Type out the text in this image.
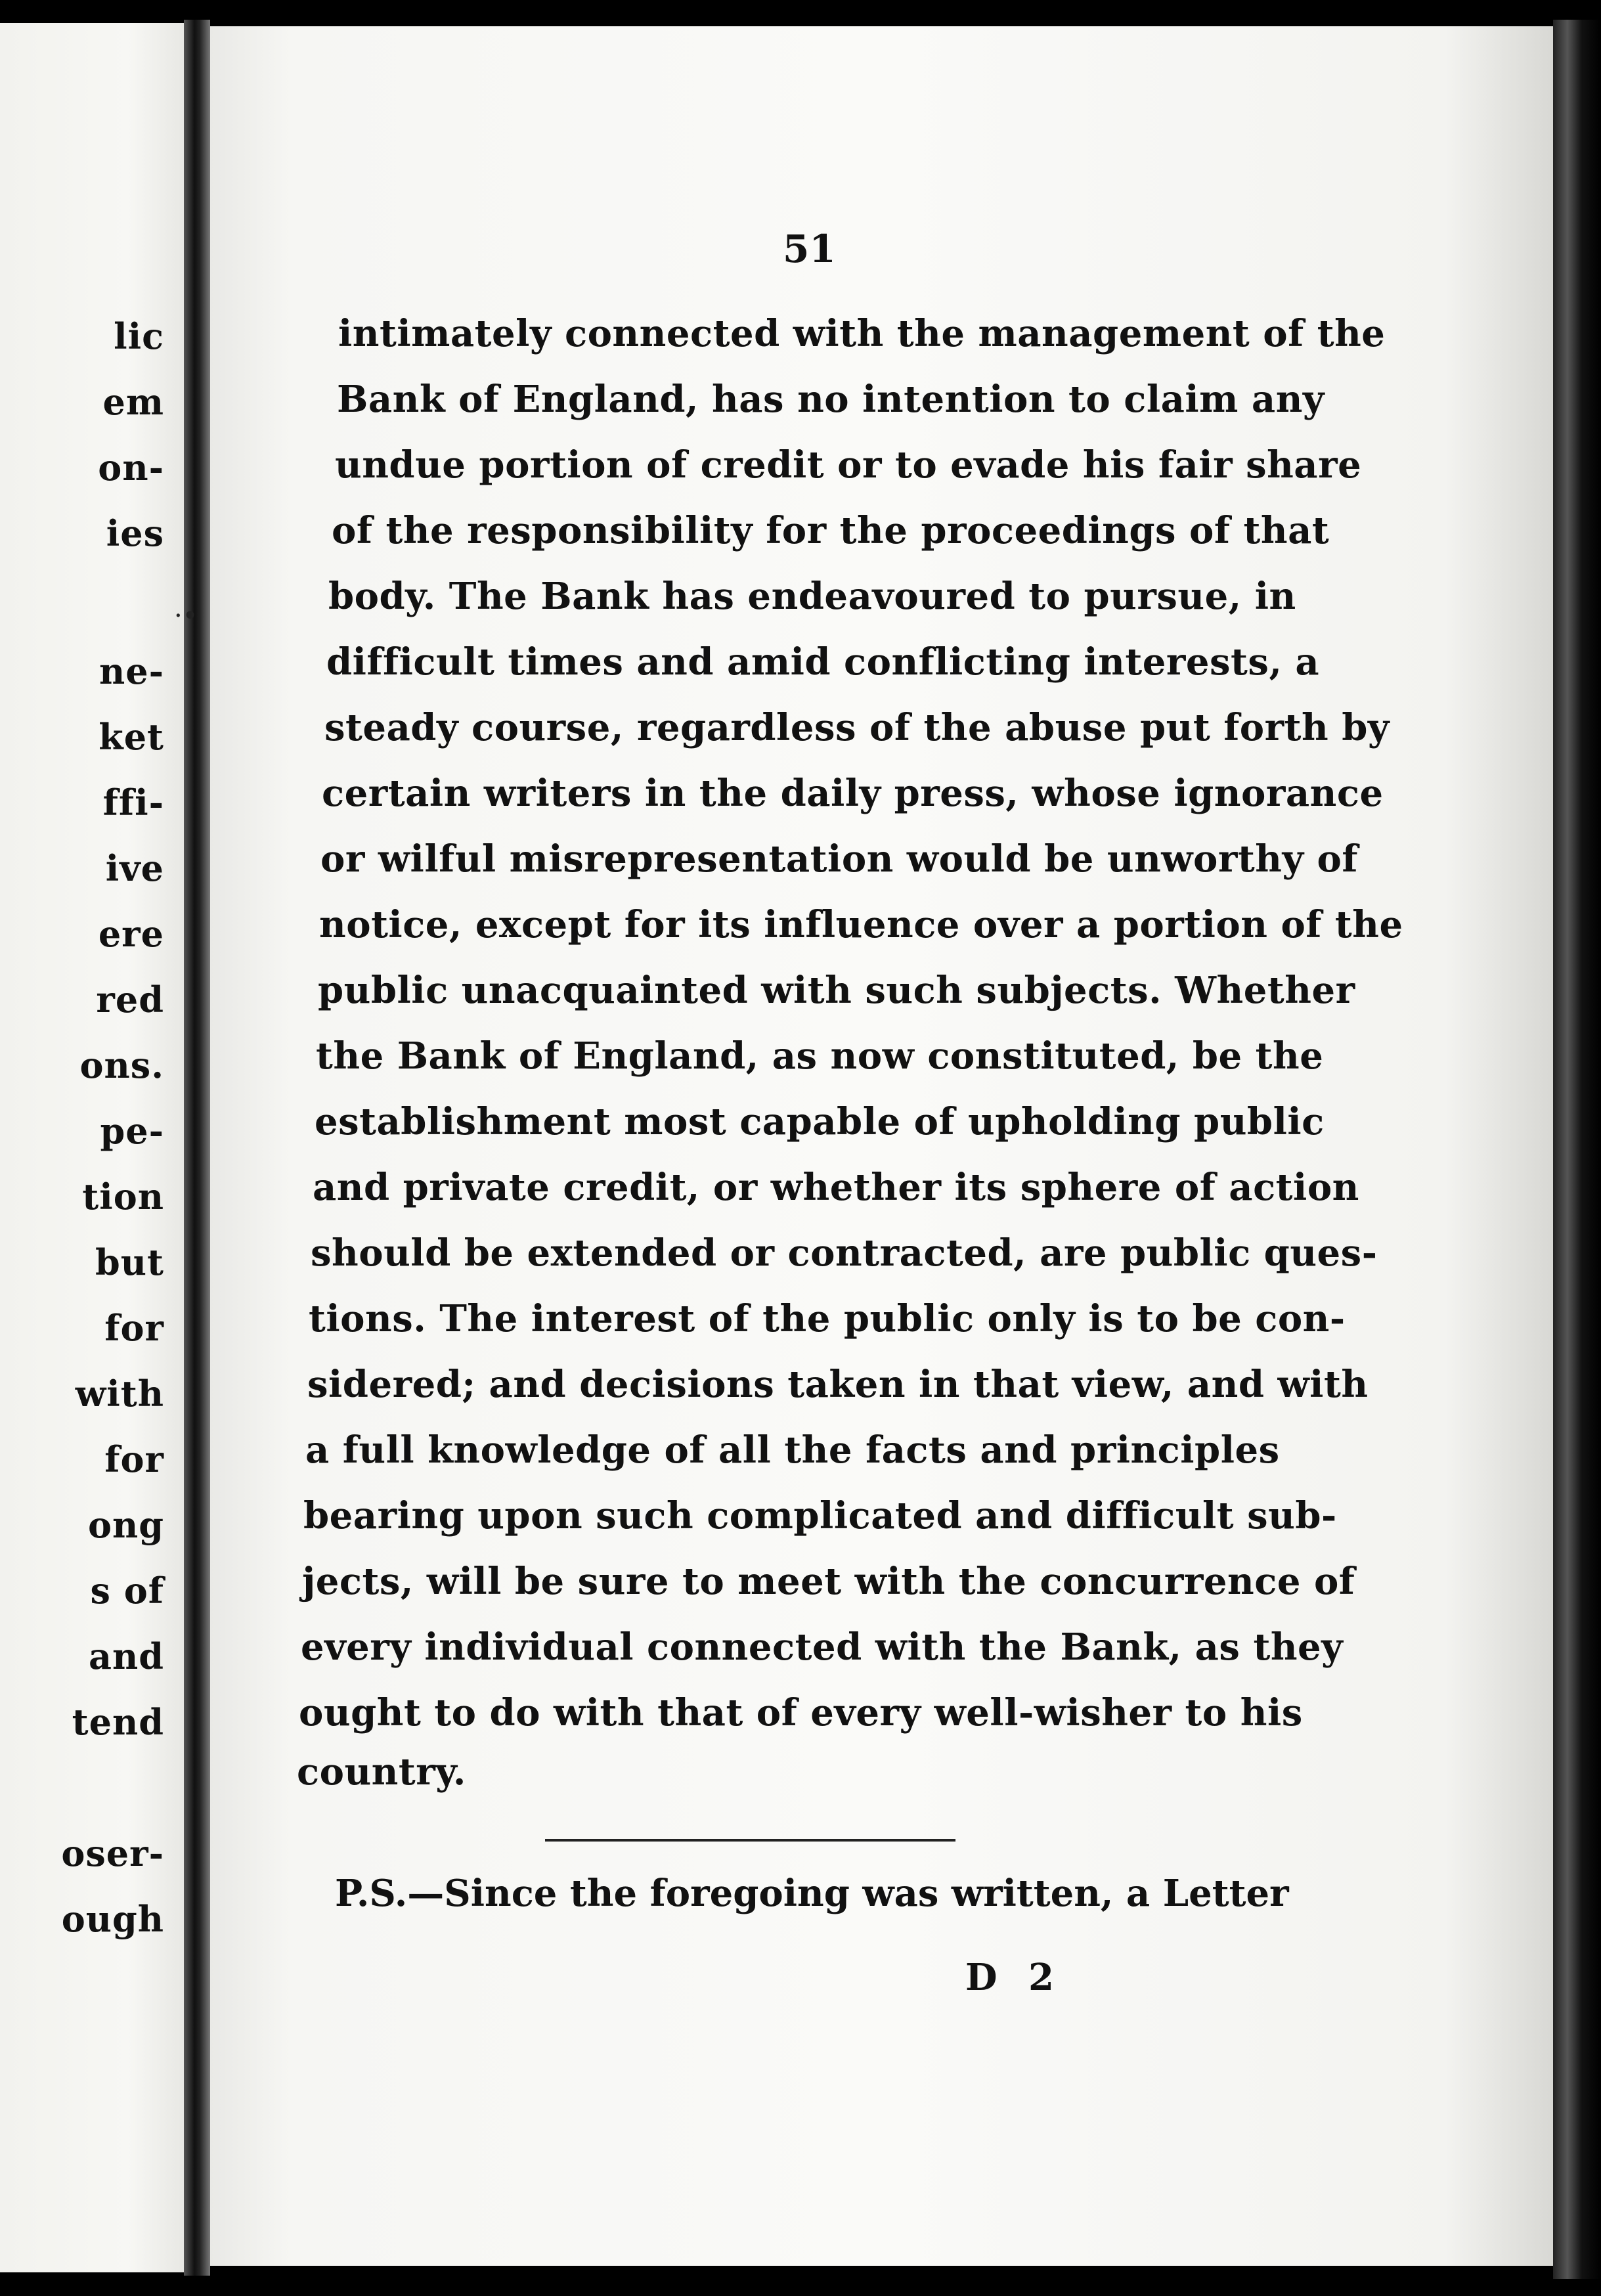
lic
em
on-
ies
ne-
ket
ffi-
ive
ere
red
ons.
pe-
tion
but
for
with
for
ong
s of
and
tend
oser-
ough
·•
51
intimately connected with the management of the
Bank of England, has no intention to claim any
undue portion of credit or to evade his fair share
of the responsibility for the proceedings of that
body. The Bank has endeavoured to pursue, in
difficult times and amid conflicting interests, a
steady course, regardless of the abuse put forth by
certain writers in the daily press, whose ignorance
or wilful misrepresentation would be unworthy of
notice, except for its influence over a portion of the
public unacquainted with such subjects. Whether
the Bank of England, as now constituted, be the
establishment most capable of upholding public
and private credit, or whether its sphere of action
should be extended or contracted, are public ques-
tions. The interest of the public only is to be con-
sidered; and decisions taken in that view, and with
a full knowledge of all the facts and principles
bearing upon such complicated and difficult sub-
jects, will be sure to meet with the concurrence of
every individual connected with the Bank, as they
ought to do with that of every well-wisher to his
country.
P.S.—Since the foregoing was written, a Letter
D 2
